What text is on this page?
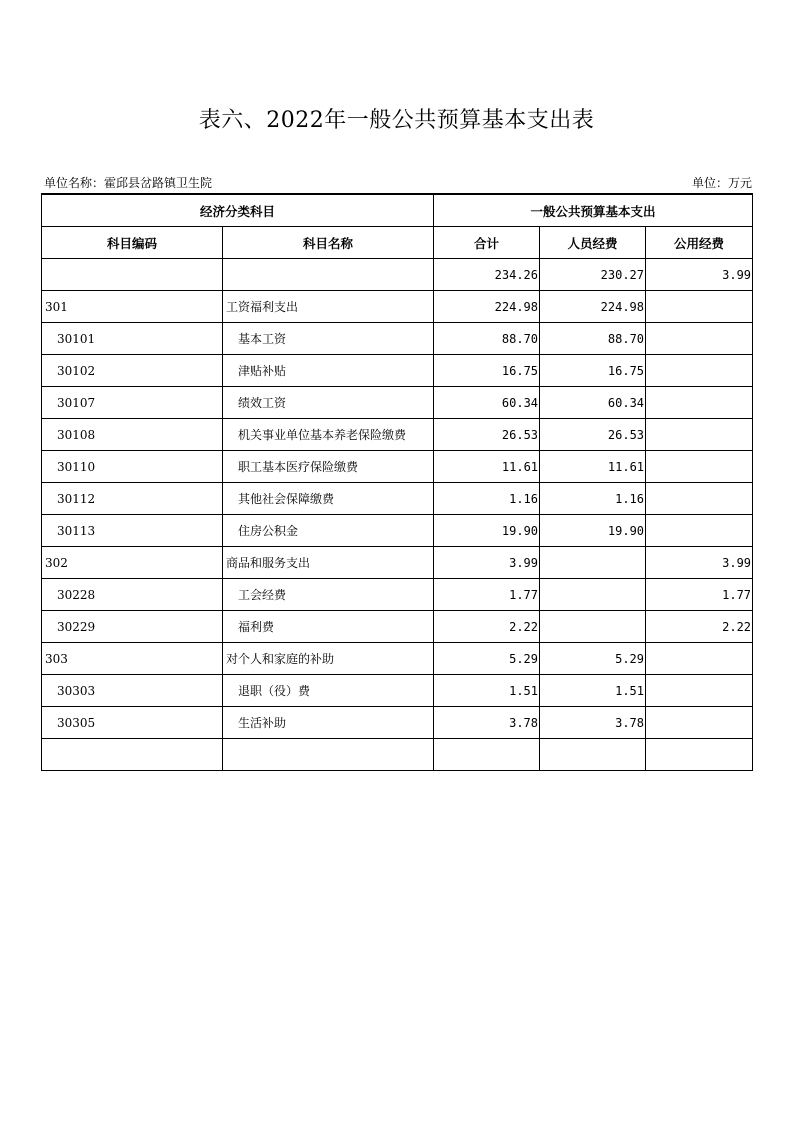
表六、2022年一般公共预算基本支出表
单位名称：霍邱县岔路镇卫生院	单位：万元
经济分类科目		一般公共预算基本支出		
科目编码	科目名称	合计	人员经费	公用经费
		234.26	230.27	3.99
301	工资福利支出	224.98	224.98	
30101	基本工资	88.70	88.70	
30102	津贴补贴	16.75	16.75	
30107	绩效工资	60.34	60.34	
30108	机关事业单位基本养老保险缴费	26.53	26.53	
30110	职工基本医疗保险缴费	11.61	11.61	
30112	其他社会保障缴费	1.16	1.16	
30113	住房公积金	19.90	19.90	
302	商品和服务支出	3.99		3.99
30228	工会经费	1.77		1.77
30229	福利费	2.22		2.22
303	对个人和家庭的补助	5.29	5.29	
30303	退职（役）费	1.51	1.51	
30305	生活补助	3.78	3.78	
